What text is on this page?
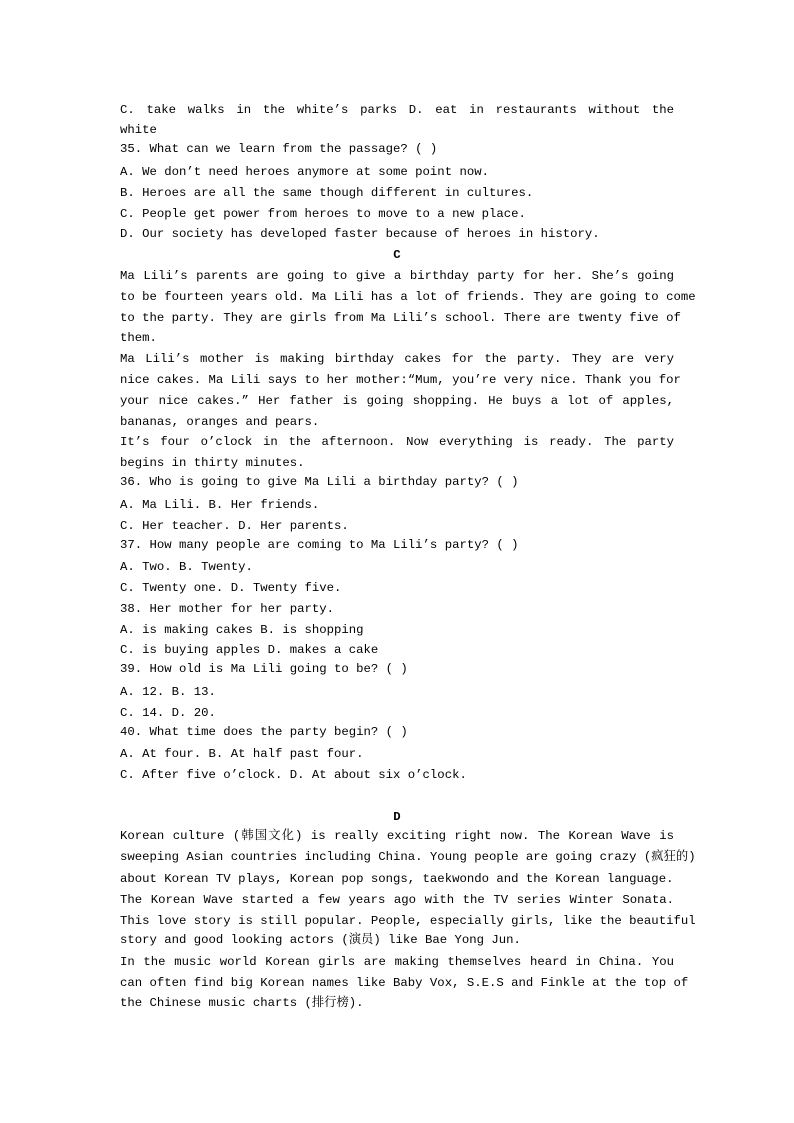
C. take walks in the white’s parks D. eat in restaurants without the
white
35. What can we learn from the passage? ( )
A. We don’t need heroes anymore at some point now.
B. Heroes are all the same though different in cultures.
C. People get power from heroes to move to a new place.
D. Our society has developed faster because of heroes in history.
C
Ma Lili’s parents are going to give a birthday party for her. She’s going
to be fourteen years old. Ma Lili has a lot of friends. They are going to come
to the party. They are girls from Ma Lili’s school. There are twenty five of
them.
Ma Lili’s mother is making birthday cakes for the party. They are very
nice cakes. Ma Lili says to her mother:“Mum, you’re very nice. Thank you for
your nice cakes.” Her father is going shopping. He buys a lot of apples,
bananas, oranges and pears.
It’s four o’clock in the afternoon. Now everything is ready. The party
begins in thirty minutes.
36. Who is going to give Ma Lili a birthday party? ( )
A. Ma Lili. B. Her friends.
C. Her teacher. D. Her parents.
37. How many people are coming to Ma Lili’s party? ( )
A. Two. B. Twenty.
C. Twenty one. D. Twenty five.
38. Her mother for her party.
A. is making cakes B. is shopping
C. is buying apples D. makes a cake
39. How old is Ma Lili going to be? ( )
A. 12. B. 13.
C. 14. D. 20.
40. What time does the party begin? ( )
A. At four. B. At half past four.
C. After five o’clock. D. At about six o’clock.
D
Korean culture (韩国文化) is really exciting right now. The Korean Wave is
sweeping Asian countries including China. Young people are going crazy (疯狂的)
about Korean TV plays, Korean pop songs, taekwondo and the Korean language.
The Korean Wave started a few years ago with the TV series Winter Sonata.
This love story is still popular. People, especially girls, like the beautiful
story and good looking actors (演员) like Bae Yong Jun.
In the music world Korean girls are making themselves heard in China. You
can often find big Korean names like Baby Vox, S.E.S and Finkle at the top of
the Chinese music charts (排行榜).
